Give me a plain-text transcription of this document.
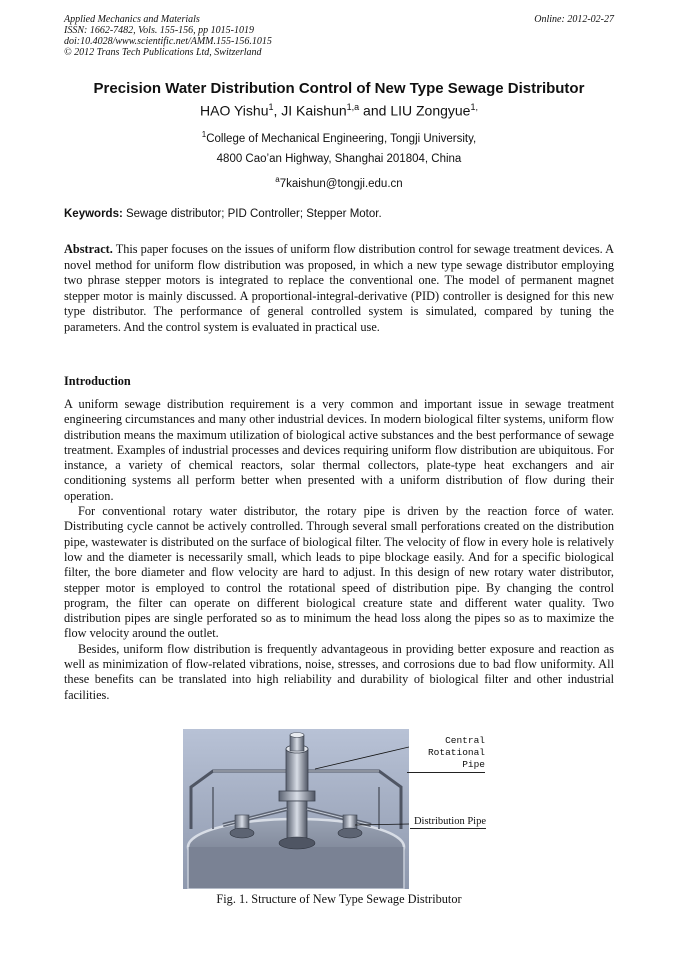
Applied Mechanics and Materials
ISSN: 1662-7482, Vols. 155-156, pp 1015-1019
doi:10.4028/www.scientific.net/AMM.155-156.1015
© 2012 Trans Tech Publications Ltd, Switzerland
Online: 2012-02-27
Precision Water Distribution Control of New Type Sewage Distributor
HAO Yishu$^1$, JI Kaishun$^{1,a}$ and LIU Zongyue$^{1,}$
$^1$College of Mechanical Engineering, Tongji University,
4800 Cao’an Highway, Shanghai 201804, China
$^a$7kaishun@tongji.edu.cn
Keywords: Sewage distributor; PID Controller; Stepper Motor.
Abstract. This paper focuses on the issues of uniform flow distribution control for sewage treatment devices. A novel method for uniform flow distribution was proposed, in which a new type sewage distributor employing two phrase stepper motors is integrated to replace the conventional one. The model of permanent magnet stepper motor is mainly discussed. A proportional-integral-derivative (PID) controller is designed for this new type distributor. The performance of general controlled system is simulated, compared by tuning the parameters. And the control system is evaluated in practical use.
Introduction

A uniform sewage distribution requirement is a very common and important issue in sewage treatment engineering circumstances and many other industrial devices. In modern biological filter systems, uniform flow distribution means the maximum utilization of biological active substances and the best performance of sewage treatment. Examples of industrial processes and devices requiring uniform flow distribution are ubiquitous. For instance, a variety of chemical reactors, solar thermal collectors, plate-type heat exchangers and air conditioning systems all perform better when presented with a uniform distribution of flow during their operation.

For conventional rotary water distributor, the rotary pipe is driven by the reaction force of water. Distributing cycle cannot be actively controlled. Through several small perforations created on the distribution pipe, wastewater is distributed on the surface of biological filter. The velocity of flow in every hole is relatively low and the diameter is necessarily small, which leads to pipe blockage easily. And for a specific biological filter, the bore diameter and flow velocity are hard to adjust. In this design of new rotary water distributor, stepper motor is employed to control the rotational speed of distribution pipe. By changing the control program, the filter can operate on different biological creature state and different water quality. Two distribution pipes are single perforated so as to minimum the head loss along the pipes so as to maximize the flow velocity around the outlet.

Besides, uniform flow distribution is frequently advantageous in providing better exposure and reaction as well as minimization of flow-related vibrations, noise, stresses, and corrosions due to bad flow uniformity. All these benefits can be translated into high reliability and durability of biological filter and other industrial facilities.

Central
Rotational Pipe
Distribution Pipe
Fig. 1. Structure of New Type Sewage Distributor
